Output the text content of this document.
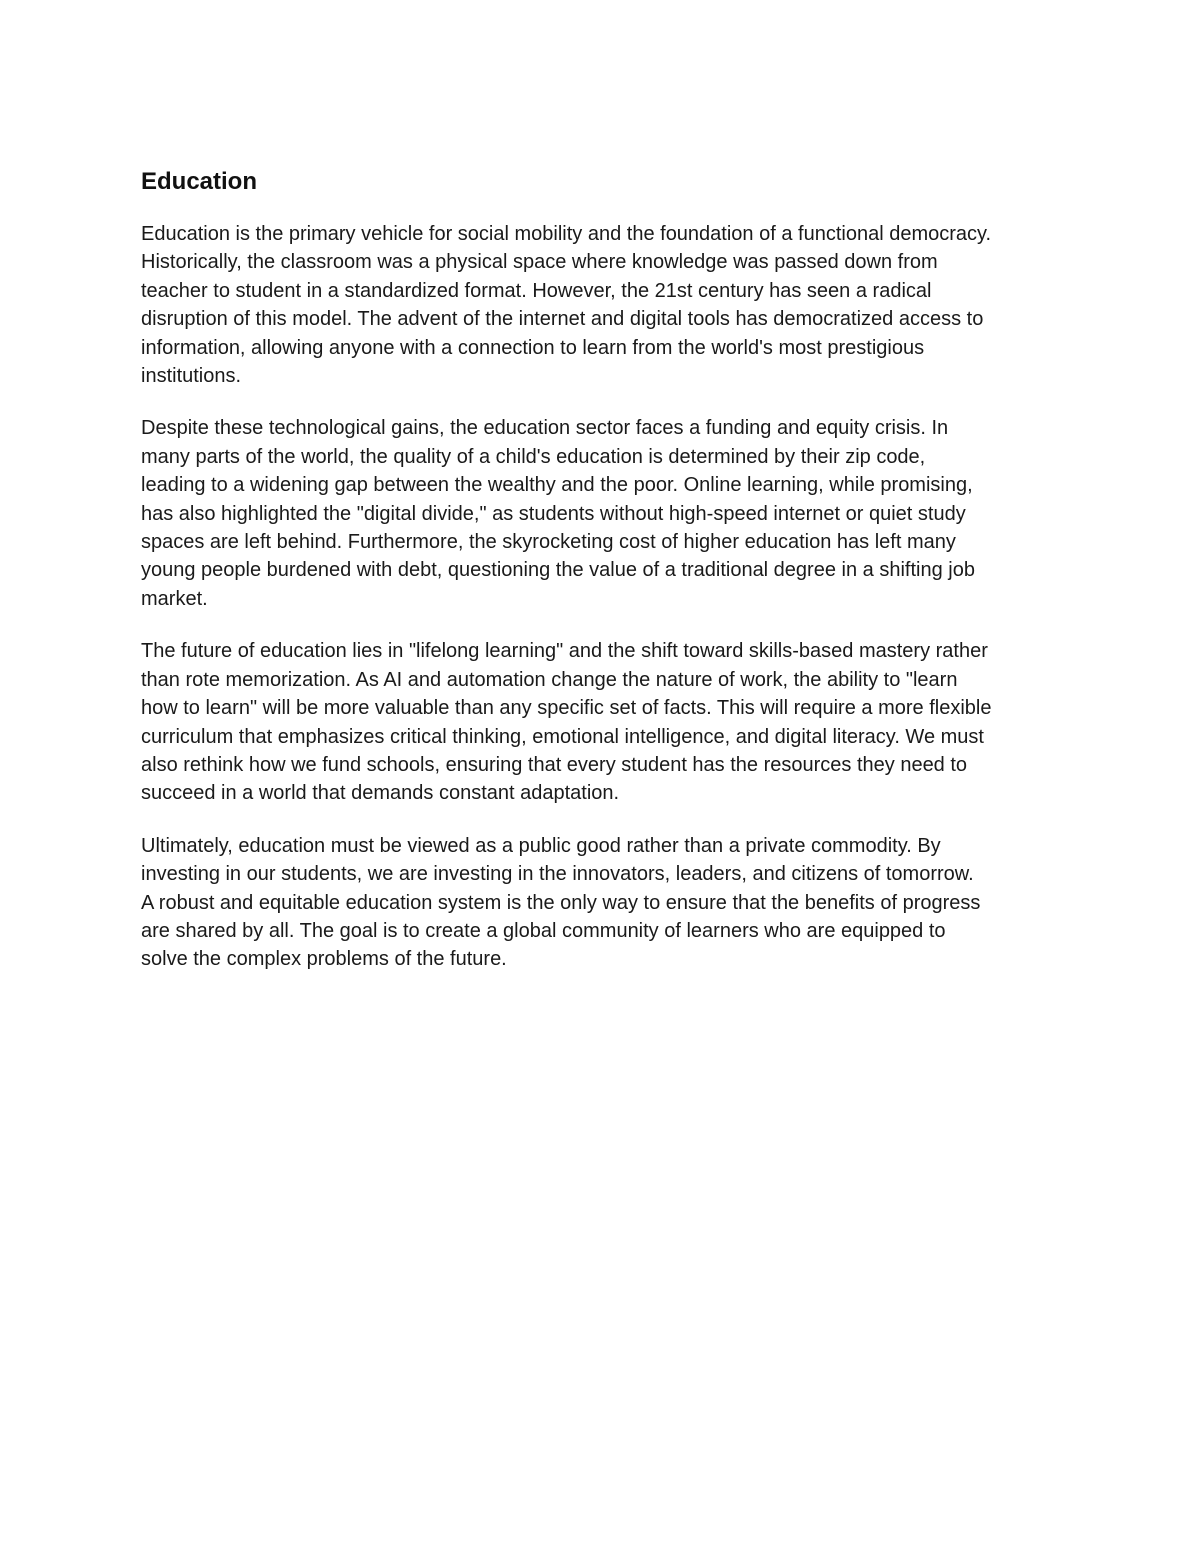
Education
Education is the primary vehicle for social mobility and the foundation of a functional democracy.
Historically, the classroom was a physical space where knowledge was passed down from
teacher to student in a standardized format. However, the 21st century has seen a radical
disruption of this model. The advent of the internet and digital tools has democratized access to
information, allowing anyone with a connection to learn from the world's most prestigious
institutions.
Despite these technological gains, the education sector faces a funding and equity crisis. In
many parts of the world, the quality of a child's education is determined by their zip code,
leading to a widening gap between the wealthy and the poor. Online learning, while promising,
has also highlighted the "digital divide," as students without high-speed internet or quiet study
spaces are left behind. Furthermore, the skyrocketing cost of higher education has left many
young people burdened with debt, questioning the value of a traditional degree in a shifting job
market.
The future of education lies in "lifelong learning" and the shift toward skills-based mastery rather
than rote memorization. As AI and automation change the nature of work, the ability to "learn
how to learn" will be more valuable than any specific set of facts. This will require a more flexible
curriculum that emphasizes critical thinking, emotional intelligence, and digital literacy. We must
also rethink how we fund schools, ensuring that every student has the resources they need to
succeed in a world that demands constant adaptation.
Ultimately, education must be viewed as a public good rather than a private commodity. By
investing in our students, we are investing in the innovators, leaders, and citizens of tomorrow.
A robust and equitable education system is the only way to ensure that the benefits of progress
are shared by all. The goal is to create a global community of learners who are equipped to
solve the complex problems of the future.
